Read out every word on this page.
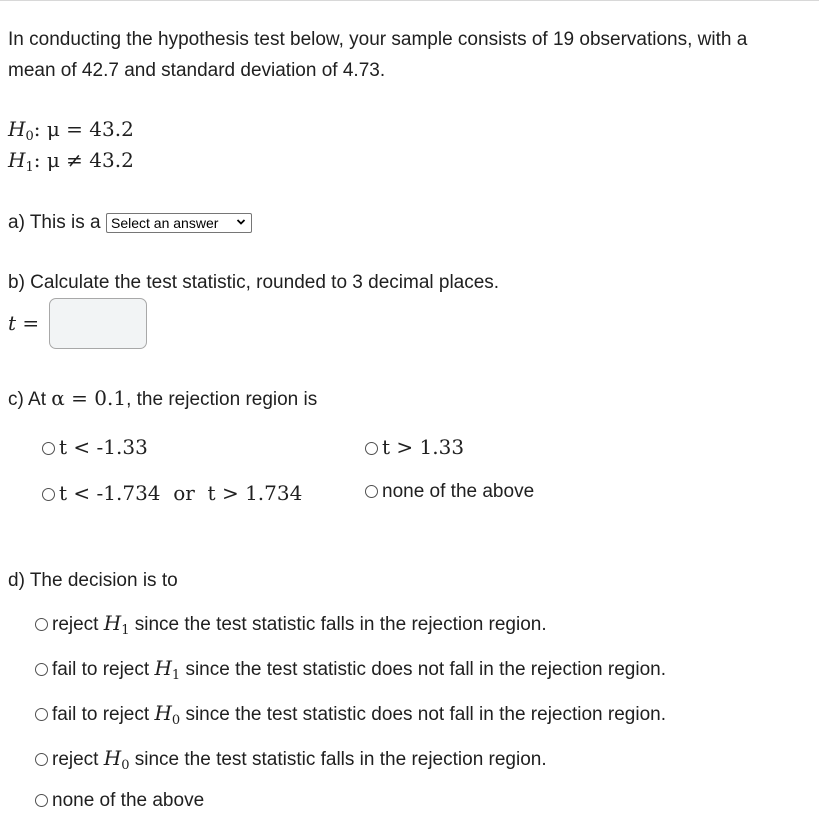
In conducting the hypothesis test below, your sample consists of 19 observations, with a
mean of 42.7 and standard deviation of 4.73.
$H_0$: μ = 43.2
$H_1$: μ ≠ 43.2
a) This is a Select an answer
b) Calculate the test statistic, rounded to 3 decimal places.
t =
c) At α = 0.1, the rejection region is
t < -1.33	t > 1.33
t < -1.734  or  t > 1.734	none of the above
d) The decision is to
reject $H_1$ since the test statistic falls in the rejection region.
fail to reject $H_1$ since the test statistic does not fall in the rejection region.
fail to reject $H_0$ since the test statistic does not fall in the rejection region.
reject $H_0$ since the test statistic falls in the rejection region.
none of the above
